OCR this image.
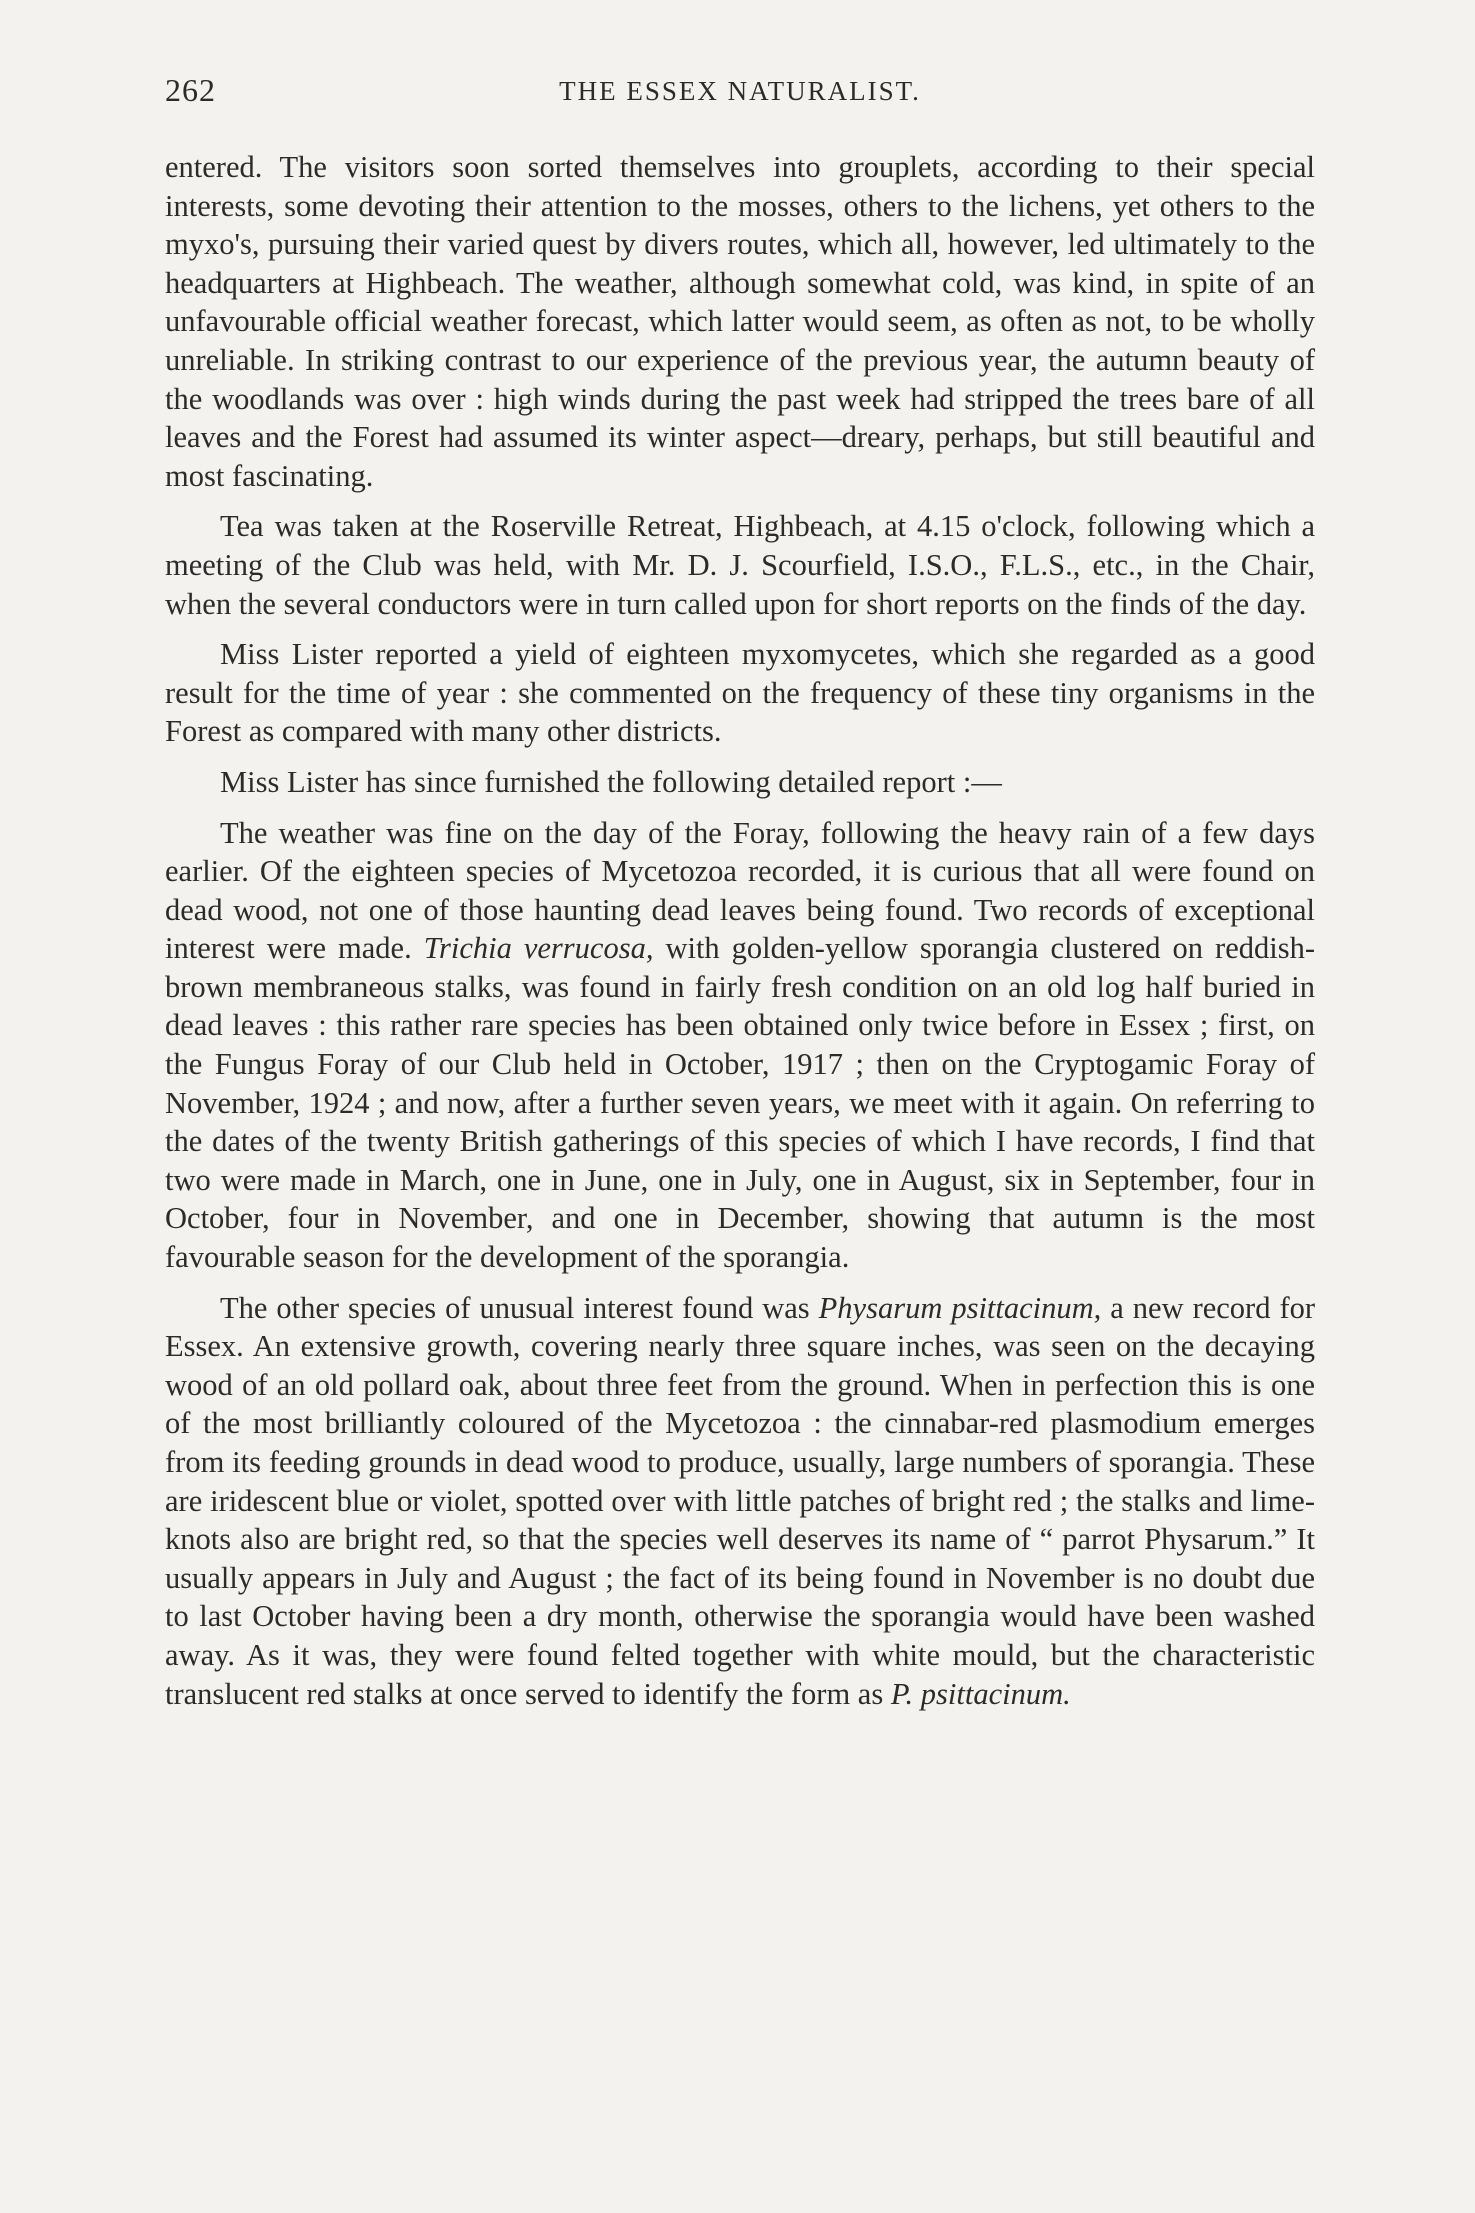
262	THE ESSEX NATURALIST.

entered. The visitors soon sorted themselves into grouplets, according to their special interests, some devoting their attention to the mosses, others to the lichens, yet others to the myxo's, pursuing their varied quest by divers routes, which all, however, led ultimately to the headquarters at Highbeach. The weather, although somewhat cold, was kind, in spite of an unfavourable official weather forecast, which latter would seem, as often as not, to be wholly unreliable. In striking contrast to our experience of the previous year, the autumn beauty of the woodlands was over : high winds during the past week had stripped the trees bare of all leaves and the Forest had assumed its winter aspect—dreary, perhaps, but still beautiful and most fascinating.

Tea was taken at the Roserville Retreat, Highbeach, at 4.15 o'clock, following which a meeting of the Club was held, with Mr. D. J. Scourfield, I.S.O., F.L.S., etc., in the Chair, when the several conductors were in turn called upon for short reports on the finds of the day.

Miss Lister reported a yield of eighteen myxomycetes, which she regarded as a good result for the time of year : she commented on the frequency of these tiny organisms in the Forest as compared with many other districts.

Miss Lister has since furnished the following detailed report :—

The weather was fine on the day of the Foray, following the heavy rain of a few days earlier. Of the eighteen species of Mycetozoa recorded, it is curious that all were found on dead wood, not one of those haunting dead leaves being found. Two records of exceptional interest were made. Trichia verrucosa, with golden-yellow sporangia clustered on reddish-brown membraneous stalks, was found in fairly fresh condition on an old log half buried in dead leaves : this rather rare species has been obtained only twice before in Essex ; first, on the Fungus Foray of our Club held in October, 1917 ; then on the Cryptogamic Foray of November, 1924 ; and now, after a further seven years, we meet with it again. On referring to the dates of the twenty British gatherings of this species of which I have records, I find that two were made in March, one in June, one in July, one in August, six in September, four in October, four in November, and one in December, showing that autumn is the most favourable season for the development of the sporangia.

The other species of unusual interest found was Physarum psittacinum, a new record for Essex. An extensive growth, covering nearly three square inches, was seen on the decaying wood of an old pollard oak, about three feet from the ground. When in perfection this is one of the most brilliantly coloured of the Mycetozoa : the cinnabar-red plasmodium emerges from its feeding grounds in dead wood to produce, usually, large numbers of sporangia. These are iridescent blue or violet, spotted over with little patches of bright red ; the stalks and lime-knots also are bright red, so that the species well deserves its name of “ parrot Physarum.” It usually appears in July and August ; the fact of its being found in November is no doubt due to last October having been a dry month, otherwise the sporangia would have been washed away. As it was, they were found felted together with white mould, but the characteristic translucent red stalks at once served to identify the form as P. psittacinum.
